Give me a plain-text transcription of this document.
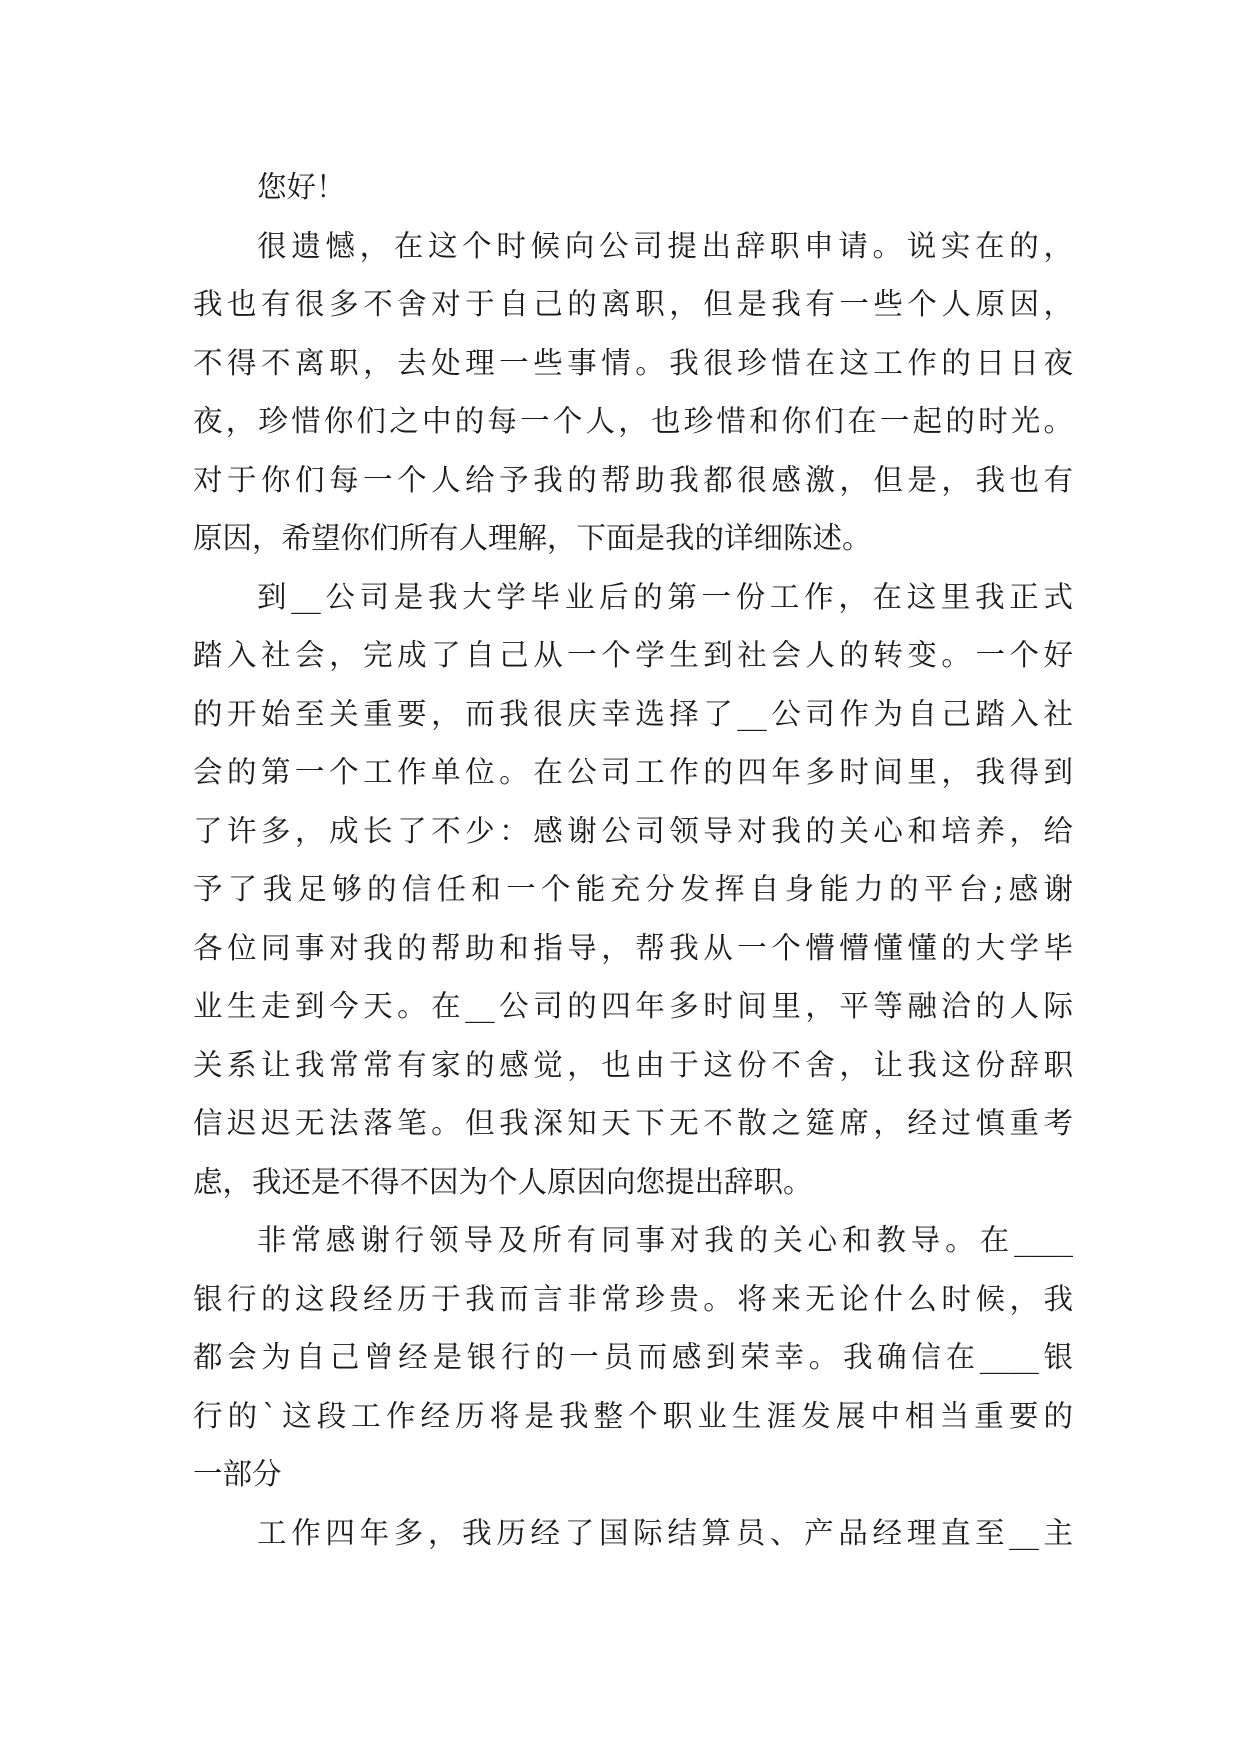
您好！
很遗憾，在这个时候向公司提出辞职申请。说实在的，
我也有很多不舍对于自己的离职，但是我有一些个人原因，
不得不离职，去处理一些事情。我很珍惜在这工作的日日夜
夜，珍惜你们之中的每一个人，也珍惜和你们在一起的时光。
对于你们每一个人给予我的帮助我都很感激，但是，我也有
原因，希望你们所有人理解，下面是我的详细陈述。
到__公司是我大学毕业后的第一份工作，在这里我正式
踏入社会，完成了自己从一个学生到社会人的转变。一个好
的开始至关重要，而我很庆幸选择了__公司作为自己踏入社
会的第一个工作单位。在公司工作的四年多时间里，我得到
了许多，成长了不少：感谢公司领导对我的关心和培养，给
予了我足够的信任和一个能充分发挥自身能力的平台;感谢
各位同事对我的帮助和指导，帮我从一个懵懵懂懂的大学毕
业生走到今天。在__公司的四年多时间里，平等融洽的人际
关系让我常常有家的感觉，也由于这份不舍，让我这份辞职
信迟迟无法落笔。但我深知天下无不散之筵席，经过慎重考
虑，我还是不得不因为个人原因向您提出辞职。
非常感谢行领导及所有同事对我的关心和教导。在____
银行的这段经历于我而言非常珍贵。将来无论什么时候，我
都会为自己曾经是银行的一员而感到荣幸。我确信在____银
行的`这段工作经历将是我整个职业生涯发展中相当重要的
一部分
工作四年多，我历经了国际结算员、产品经理直至__主
